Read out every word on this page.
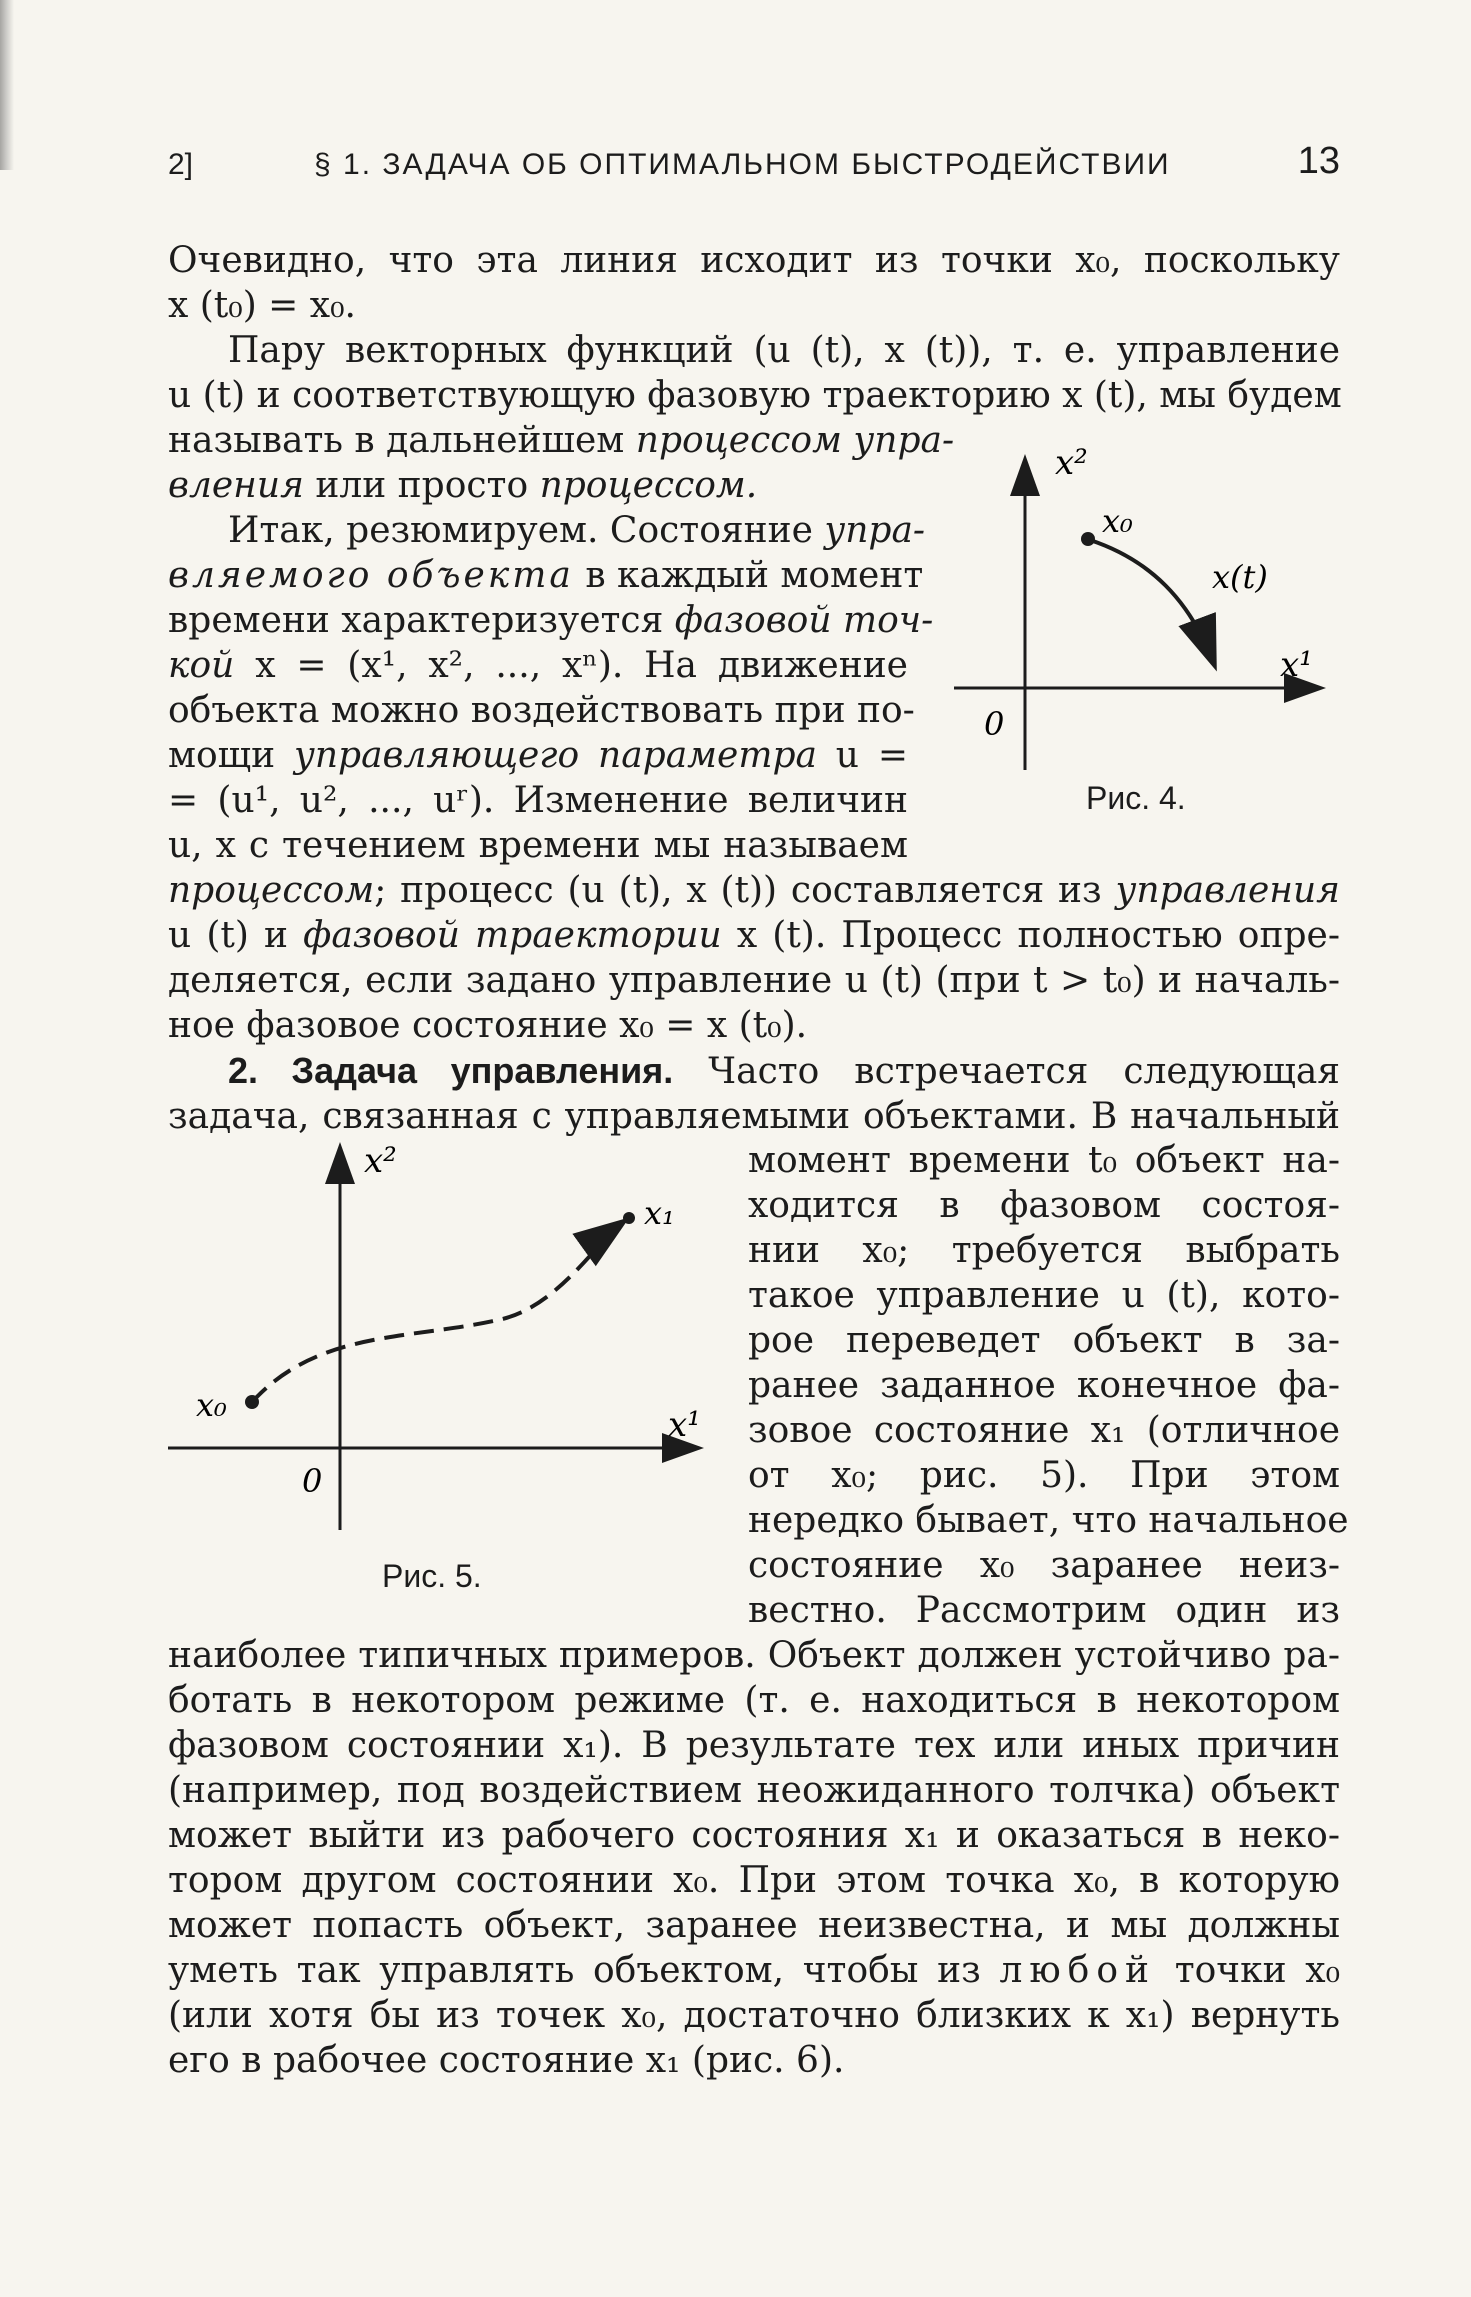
2]	§ 1. ЗАДАЧА ОБ ОПТИМАЛЬНОМ БЫСТРОДЕЙСТВИИ	13
Очевидно, что эта линия исходит из точки x₀, поскольку
x (t₀) = x₀.
Пару векторных функций (u (t), x (t)), т. е. управление
u (t) и соответствующую фазовую траекторию x (t), мы будем
называть в дальнейшем процессом упра-
вления или просто процессом.
Итак, резюмируем. Состояние упра-
вляемого объекта в каждый момент
времени характеризуется фазовой точ-
кой x = (x¹, x², ..., xⁿ). На движение
объекта можно воздействовать при по-
мощи управляющего параметра u =
= (u¹, u², ..., uʳ). Изменение величин
u, x с течением времени мы называем
процессом; процесс (u (t), x (t)) составляется из управления
u (t) и фазовой траектории x (t). Процесс полностью опре-
деляется, если задано управление u (t) (при t > t₀) и началь-
ное фазовое состояние x₀ = x (t₀).
2. Задача управления. Часто встречается следующая
задача, связанная с управляемыми объектами. В начальный
момент времени t₀ объект на-
ходится в фазовом состоя-
нии x₀; требуется выбрать
такое управление u (t), кото-
рое переведет объект в за-
ранее заданное конечное фа-
зовое состояние x₁ (отличное
от x₀; рис. 5). При этом
нередко бывает, что начальное
состояние x₀ заранее неиз-
вестно. Рассмотрим один из
наиболее типичных примеров. Объект должен устойчиво ра-
ботать в некотором режиме (т. е. находиться в некотором
фазовом состоянии x₁). В результате тех или иных причин
(например, под воздействием неожиданного толчка) объект
может выйти из рабочего состояния x₁ и оказаться в неко-
тором другом состоянии x₀. При этом точка x₀, в которую
может попасть объект, заранее неизвестна, и мы должны
уметь так управлять объектом, чтобы из любой точки x₀
(или хотя бы из точек x₀, достаточно близких к x₁) вернуть
его в рабочее состояние x₁ (рис. 6).
x²
x¹
0
x₀
x(t)
Рис. 4.
x²
x¹
0
x₀
x₁
Рис. 5.
